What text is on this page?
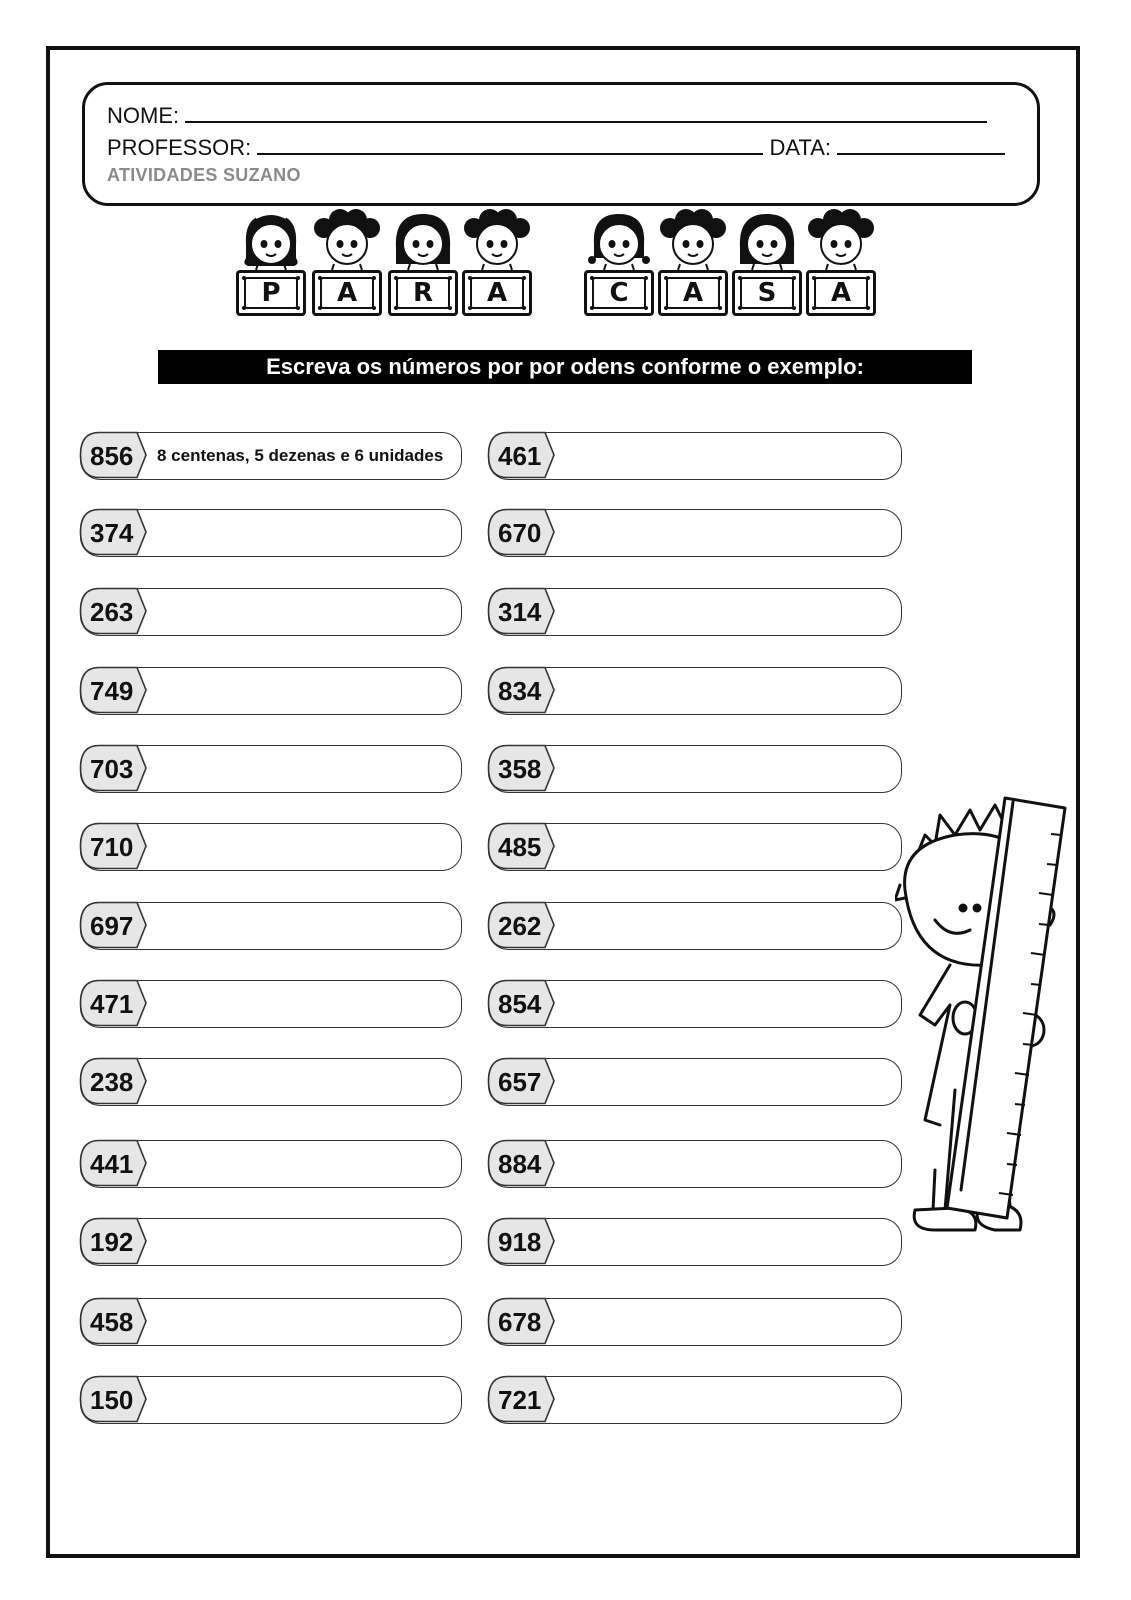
NOME:
PROFESSOR:	DATA:
ATIVIDADES SUZANO
P	A	R	A	C	A	S	A
Escreva os números por por odens conforme o exemplo:
856 8 centenas, 5 dezenas e 6 unidades
374
263
749
703
710
697
471
238
441
192
458
150
461
670
314
834
358
485
262
854
657
884
918
678
721
